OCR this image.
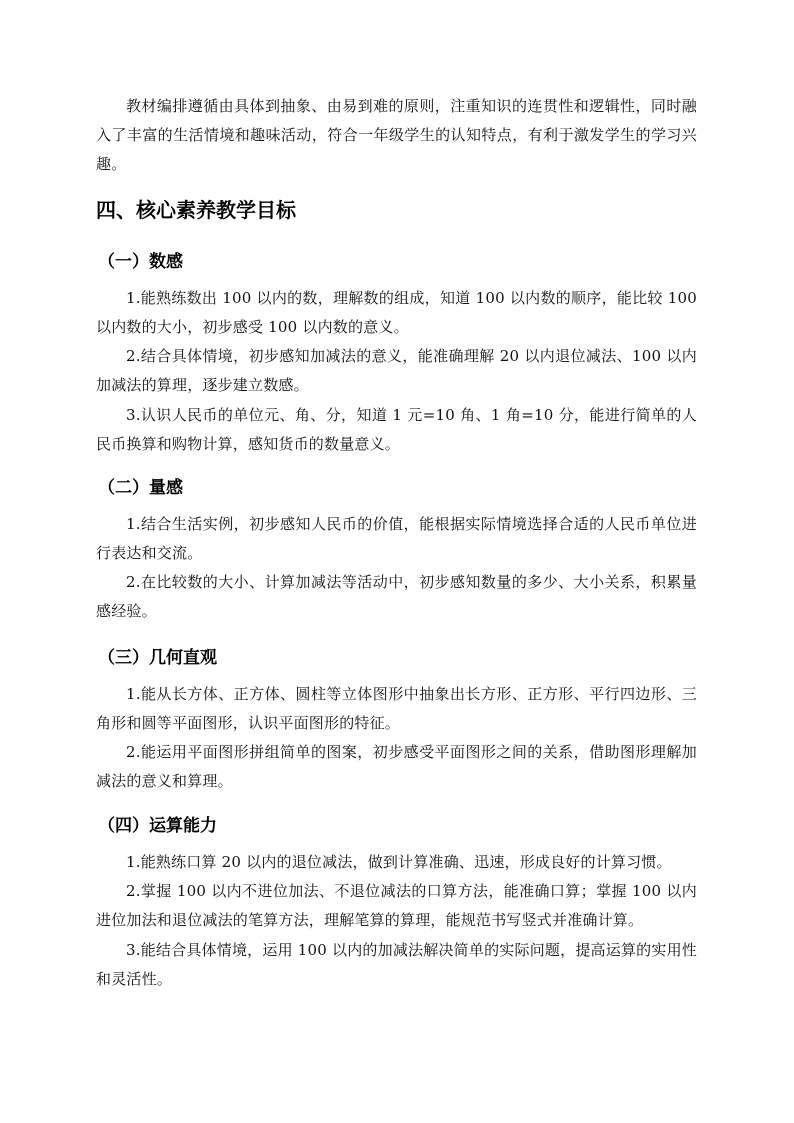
教材编排遵循由具体到抽象、由易到难的原则，注重知识的连贯性和逻辑性，同时融入了丰富的生活情境和趣味活动，符合一年级学生的认知特点，有利于激发学生的学习兴趣。

四、核心素养教学目标
（一）数感

1.能熟练数出 100 以内的数，理解数的组成，知道 100 以内数的顺序，能比较 100 以内数的大小，初步感受 100 以内数的意义。

2.结合具体情境，初步感知加减法的意义，能准确理解 20 以内退位减法、100 以内加减法的算理，逐步建立数感。

3.认识人民币的单位元、角、分，知道 1 元=10 角、1 角=10 分，能进行简单的人民币换算和购物计算，感知货币的数量意义。

（二）量感

1.结合生活实例，初步感知人民币的价值，能根据实际情境选择合适的人民币单位进行表达和交流。

2.在比较数的大小、计算加减法等活动中，初步感知数量的多少、大小关系，积累量感经验。

（三）几何直观

1.能从长方体、正方体、圆柱等立体图形中抽象出长方形、正方形、平行四边形、三角形和圆等平面图形，认识平面图形的特征。

2.能运用平面图形拼组简单的图案，初步感受平面图形之间的关系，借助图形理解加减法的意义和算理。

（四）运算能力

1.能熟练口算 20 以内的退位减法，做到计算准确、迅速，形成良好的计算习惯。

2.掌握 100 以内不进位加法、不退位减法的口算方法，能准确口算；掌握 100 以内进位加法和退位减法的笔算方法，理解笔算的算理，能规范书写竖式并准确计算。

3.能结合具体情境，运用 100 以内的加减法解决简单的实际问题，提高运算的实用性和灵活性。
